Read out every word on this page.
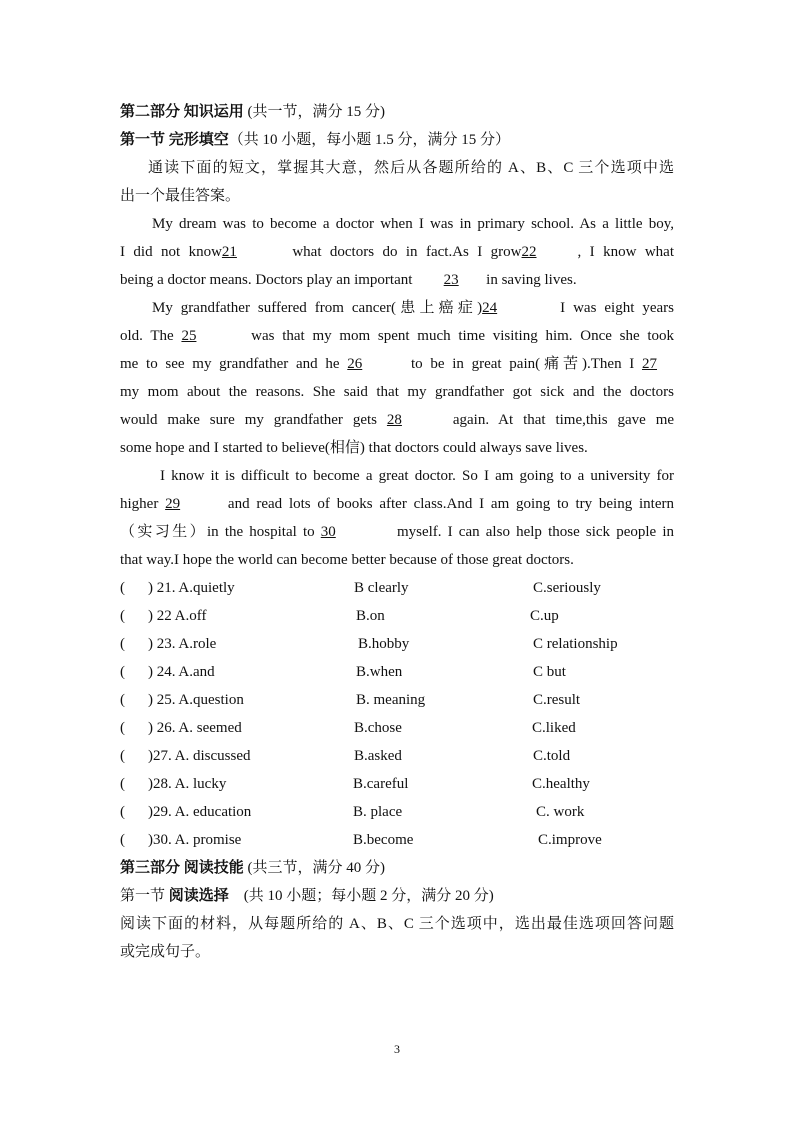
第二部分 知识运用 (共一节，满分 15 分)
第一节 完形填空（共 10 小题，每小题 1.5 分，满分 15 分）
通读下面的短文，掌握其大意，然后从各题所给的 A、B、C 三个选项中选
出一个最佳答案。
My dream was to become a doctor when I was in primary school. As a little boy,
I did not know21	what doctors do in fact.As I grow22	, I know what
being a doctor means. Doctors play an important 23 in saving lives.
My grandfather suffered from cancer(患上癌症)24	I was eight years
old. The 25	was that my mom spent much time visiting him. Once she took
me to see my grandfather and he 26	to be in great pain(痛苦).Then I 27
my mom about the reasons. She said that my grandfather got sick and the doctors
would make sure my grandfather gets 28	again. At that time,this gave me
some hope and I started to believe(相信) that doctors could always save lives.
I know it is difficult to become a great doctor. So I am going to a university for
higher 29	and read lots of books after class.And I am going to try being intern
（实习生）in the hospital to 30	myself. I can also help those sick people in
that way.I hope the world can become better because of those great doctors.
( ) 21. A.quietly	B clearly	C.seriously
( ) 22 A.off	B.on	C.up
( ) 23. A.role	B.hobby	C relationship
( ) 24. A.and	B.when	C but
( ) 25. A.question	B. meaning	C.result
( ) 26. A. seemed	B.chose	C.liked
( )27. A. discussed	B.asked	C.told
( )28. A. lucky	B.careful	C.healthy
( )29. A. education	B. place	C. work
( )30. A. promise	B.become	C.improve
第三部分 阅读技能 (共三节，满分 40 分)
第一节 阅读选择　(共 10 小题；每小题 2 分，满分 20 分)
阅读下面的材料，从每题所给的 A、B、C 三个选项中，选出最佳选项回答问题
或完成句子。
3
